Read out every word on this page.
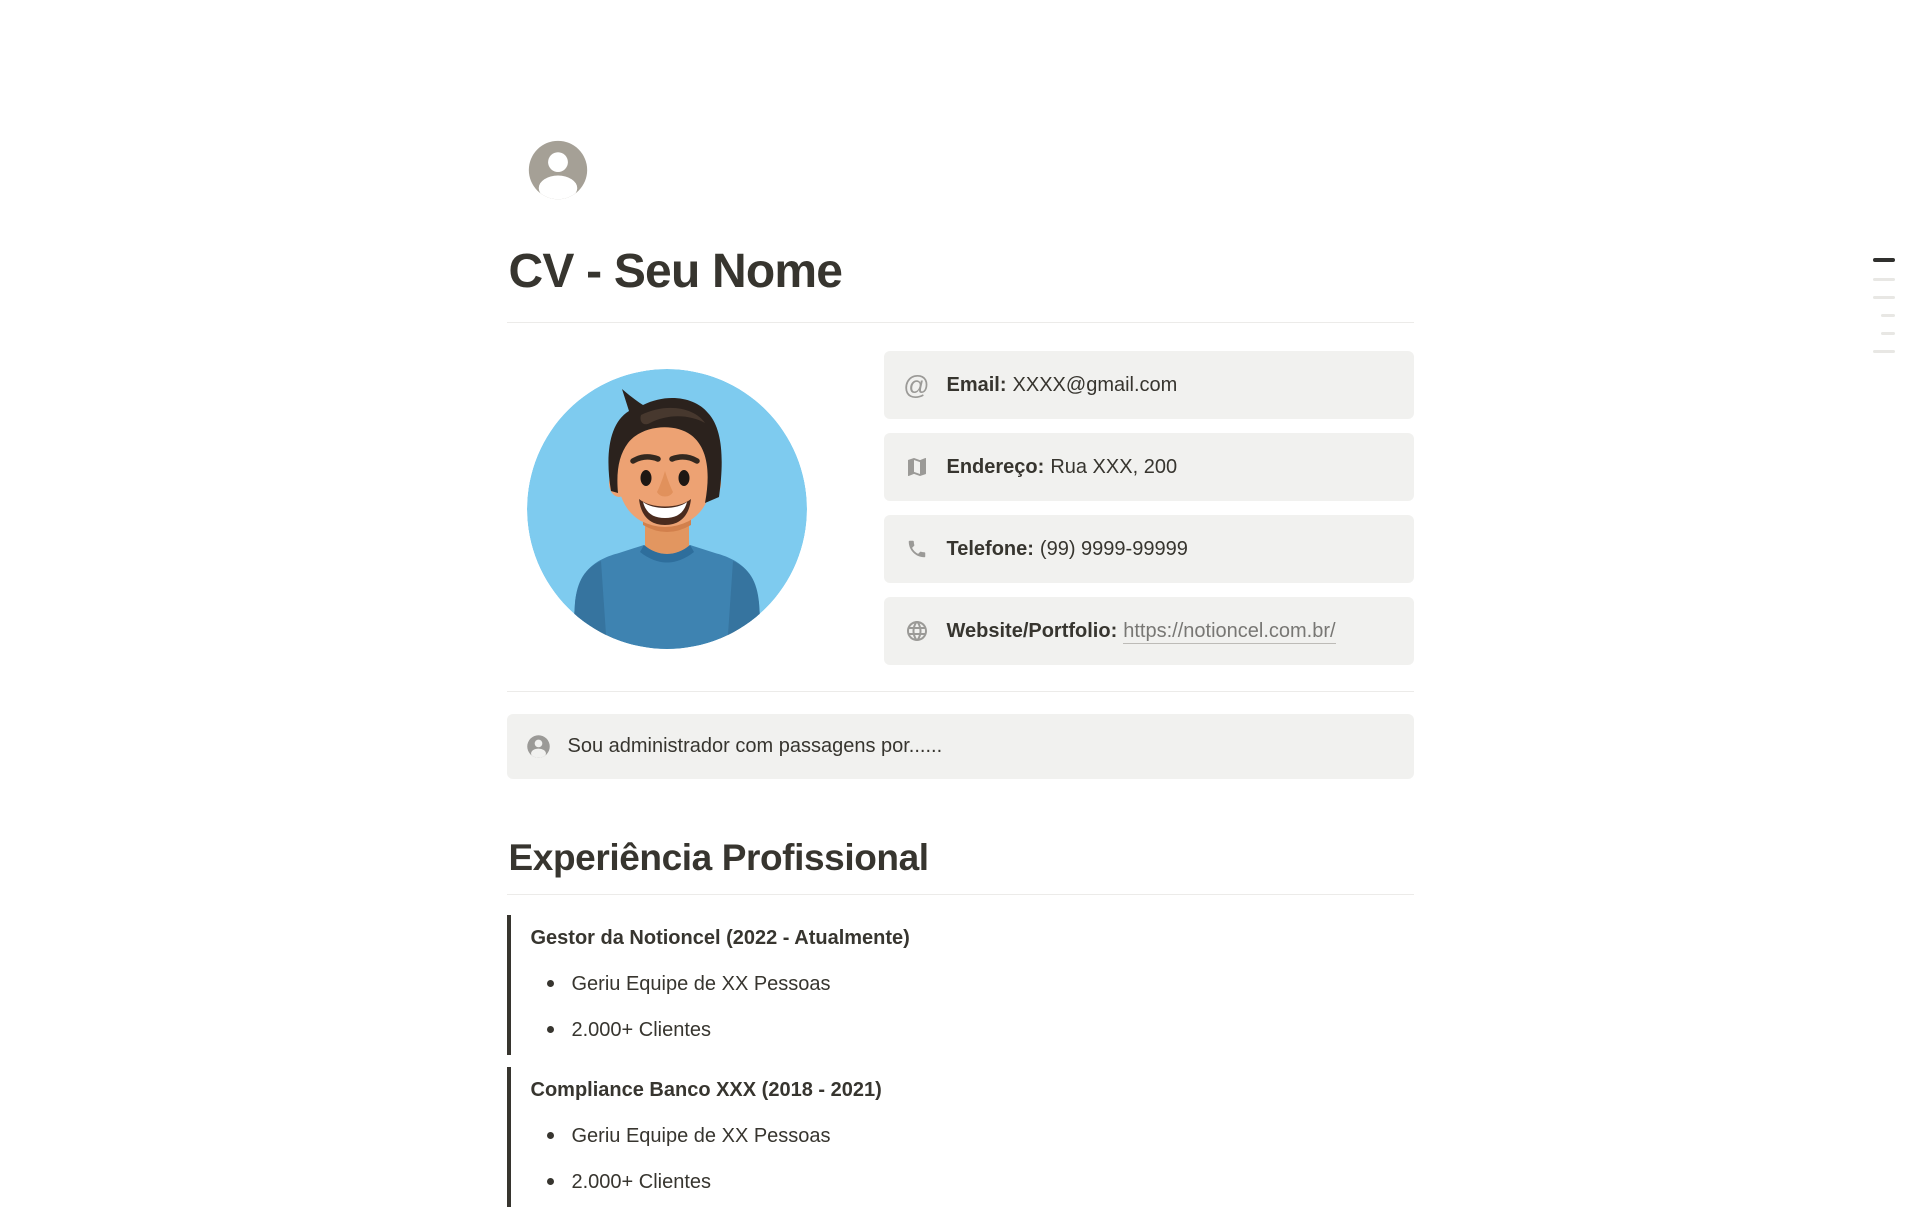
CV - Seu Nome
@ Email: XXXX@gmail.com
Endereço: Rua XXX, 200
Telefone: (99) 9999-99999
Website/Portfolio: https://notioncel.com.br/
Sou administrador com passagens por......
Experiência Profissional
Gestor da Notioncel (2022 - Atualmente)
Geriu Equipe de XX Pessoas
2.000+ Clientes
Compliance Banco XXX (2018 - 2021)
Geriu Equipe de XX Pessoas
2.000+ Clientes
